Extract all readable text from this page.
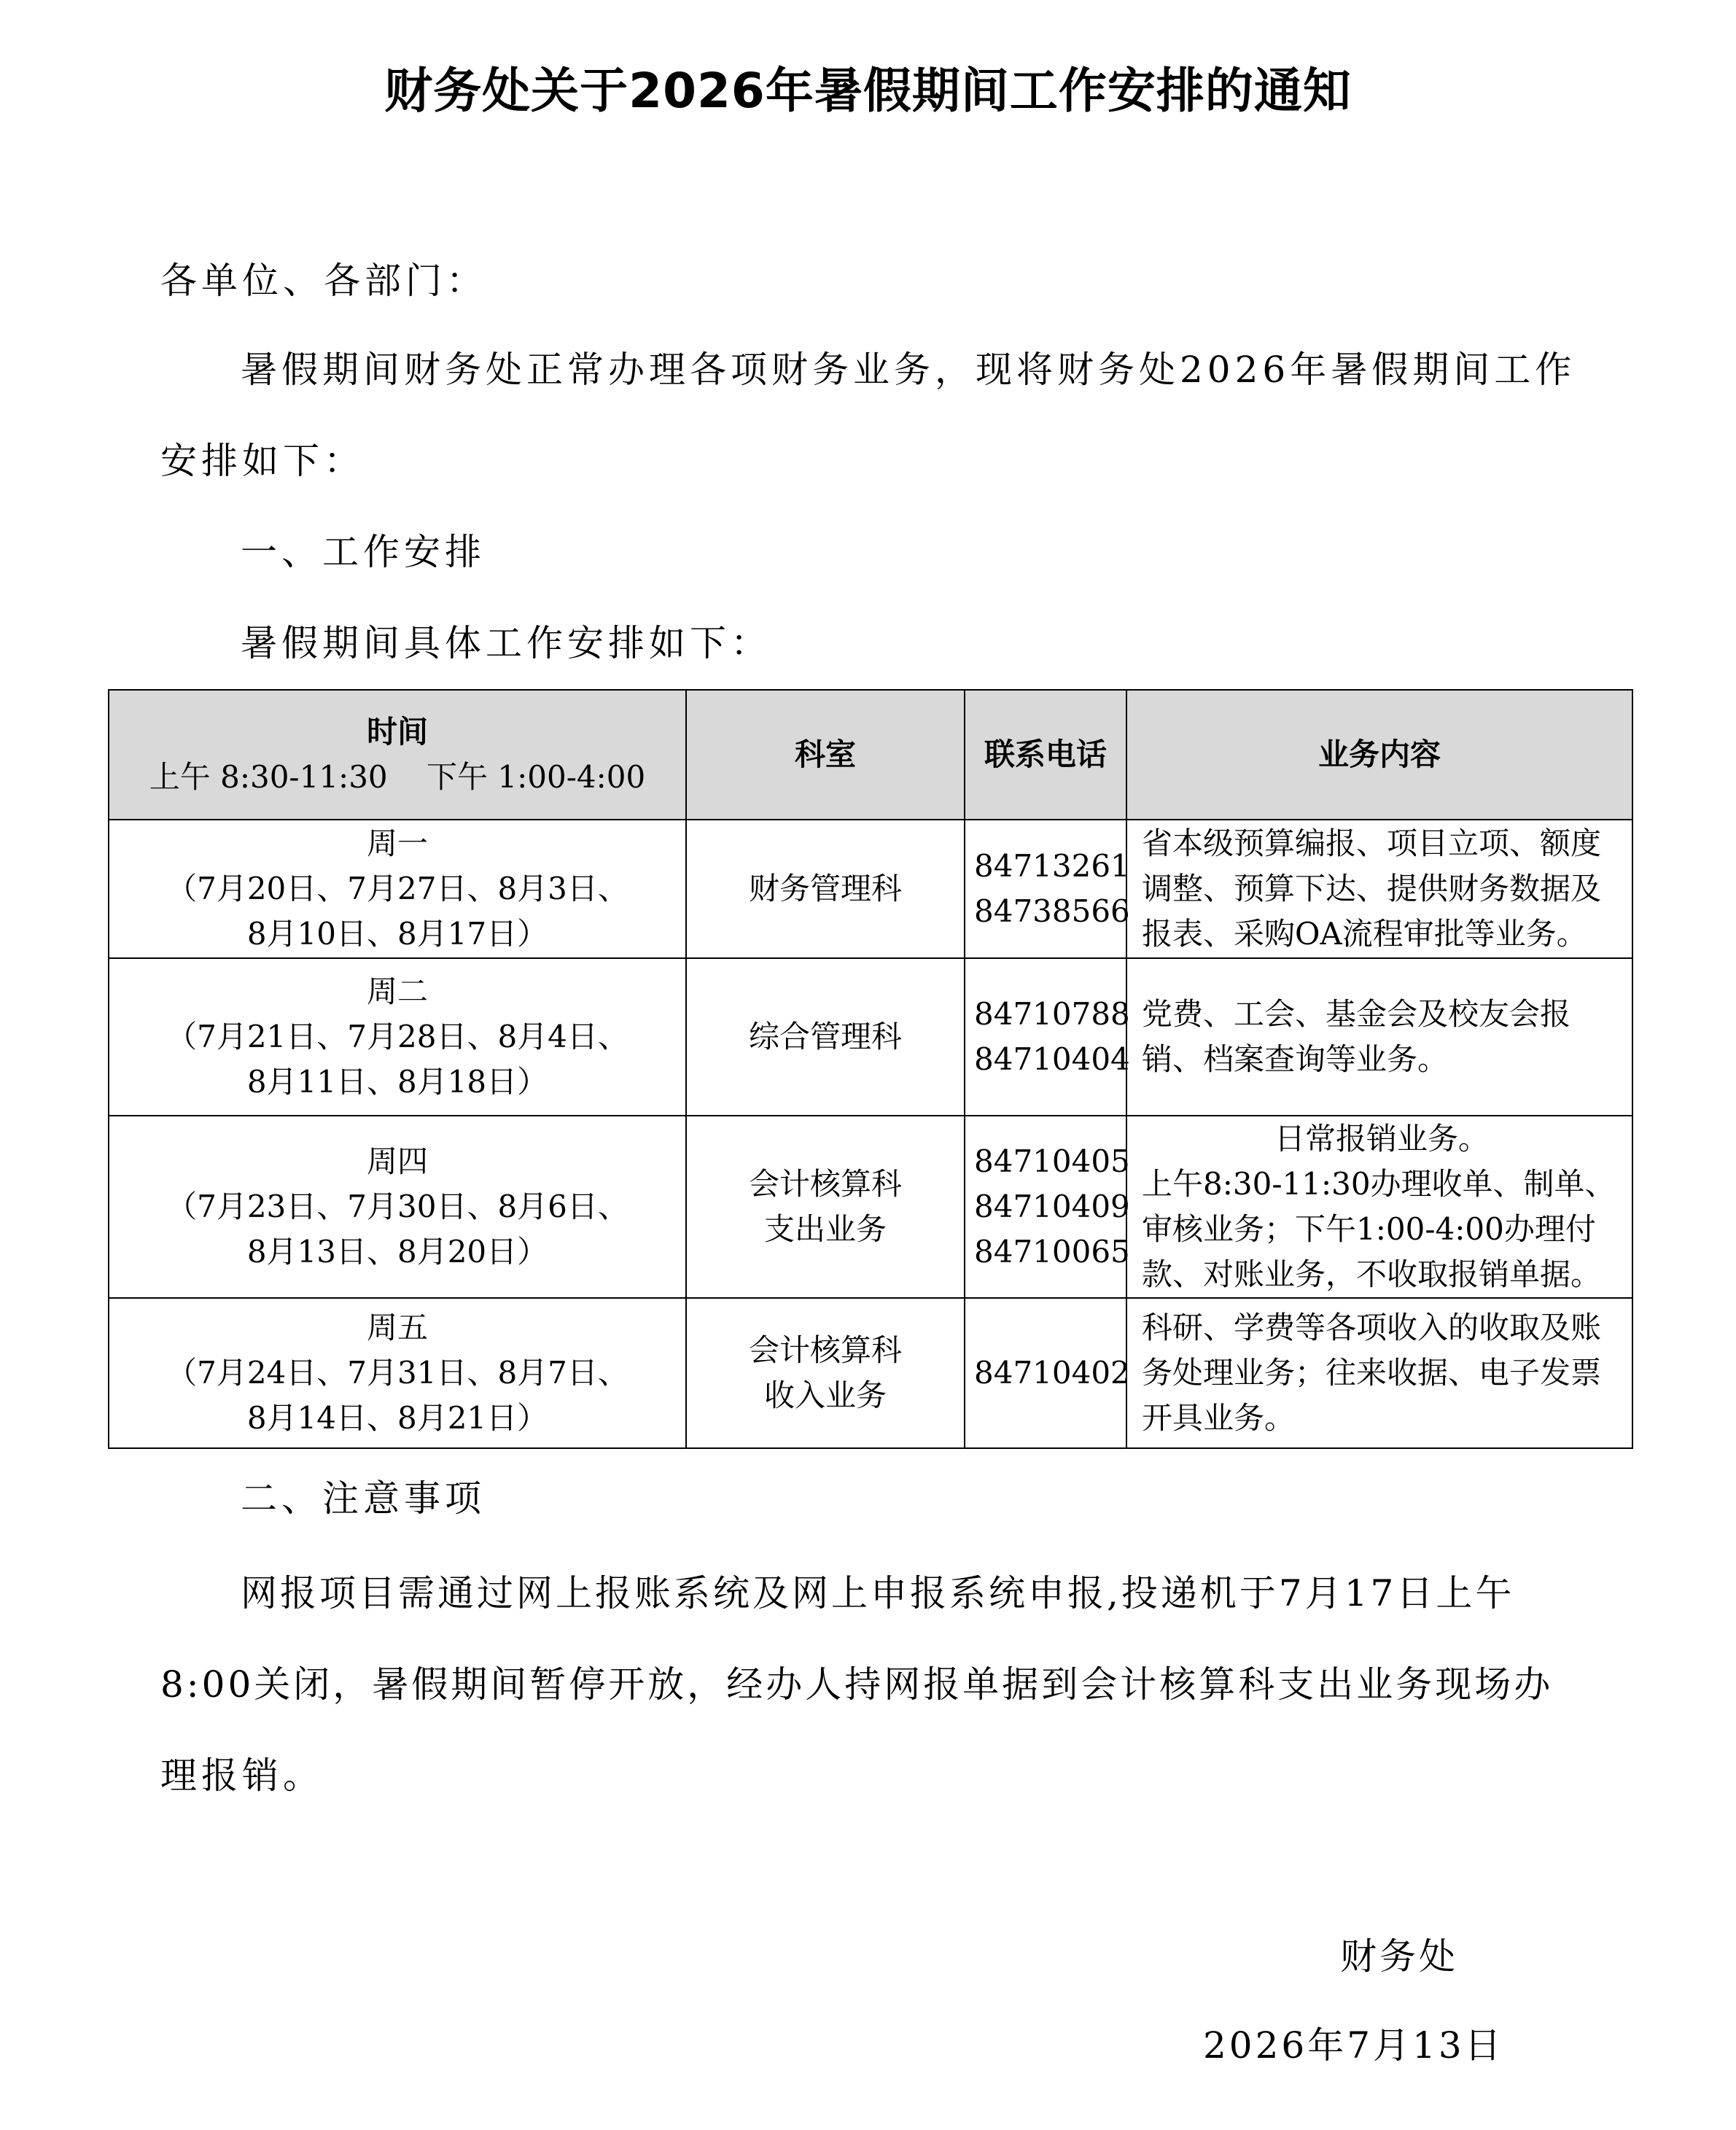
财务处关于2026年暑假期间工作安排的通知
各单位、各部门：
暑假期间财务处正常办理各项财务业务，现将财务处2026年暑假期间工作
安排如下：
一、工作安排
暑假期间具体工作安排如下：
时间
上午 8:30-11:30    下午 1:00-4:00	科室	联系电话	业务内容

周一
（7月20日、7月27日、8月3日、
8月10日、8月17日）	财务管理科	84713261
84738566	省本级预算编报、项目立项、额度
调整、预算下达、提供财务数据及
报表、采购OA流程审批等业务。

周二
（7月21日、7月28日、8月4日、
8月11日、8月18日）	综合管理科	84710788
84710404	党费、工会、基金会及校友会报
销、档案查询等业务。

周四
（7月23日、7月30日、8月6日、
8月13日、8月20日）	会计核算科
支出业务	84710405
84710409
84710065	日常报销业务。
上午8:30-11:30办理收单、制单、
审核业务；下午1:00-4:00办理付
款、对账业务，不收取报销单据。

周五
（7月24日、7月31日、8月7日、
8月14日、8月21日）	会计核算科
收入业务	84710402	科研、学费等各项收入的收取及账
务处理业务；往来收据、电子发票
开具业务。
二、注意事项
网报项目需通过网上报账系统及网上申报系统申报,投递机于7月17日上午
8:00关闭，暑假期间暂停开放，经办人持网报单据到会计核算科支出业务现场办
理报销。
财务处
2026年7月13日
